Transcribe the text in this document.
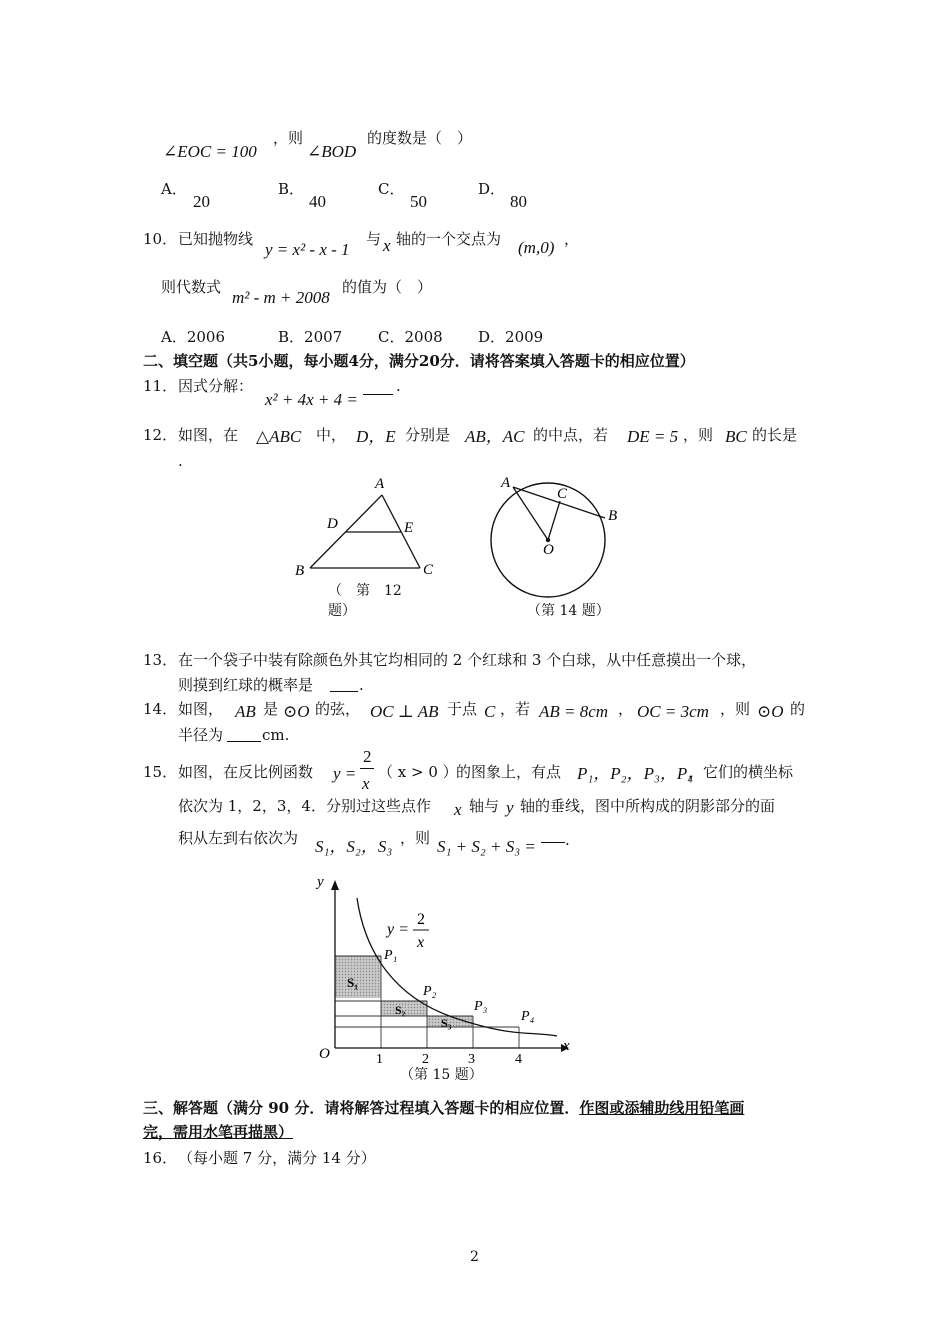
∠EOC = 100
，则
∠BOD
的度数是（　）
A．
20
B．
40
C．
50
D．
80
10． 已知抛物线
y = x² - x - 1
与 x 轴的一个交点为 (m,0) ，
则代数式
m² - m + 2008
的值为（　）
A．2006	B．2007 C．2008 D．2009
二、填空题（共5小题，每小题4分，满分20分．请将答案填入答题卡的相应位置）
11． 因式分解：
x² + 4x + 4 =
.
12． 如图，在 △ABC 中， D，E 分别是 AB，AC 的中点，若 DE = 5 ，则 BC 的长是
.
A
D	E
B	C
（　第　12
题）
A
C
B
O
（第 14 题）
13． 在一个袋子中装有除颜色外其它均相同的 2 个红球和 3 个白球，从中任意摸出一个球，
则摸到红球的概率是	.
14． 如图， AB 是 ⊙O 的弦， OC ⊥ AB 于点 C ，若 AB = 8cm ， OC = 3cm ，则 ⊙O 的
半径为	cm.
15． 如图，在反比例函数 y =
2
x
（ x > 0 ）
的图象上，有点 P₁，P₂，P₃，P₄
，它们的横坐标
依次为 1，2，3，4．分别过这些点作 x 轴与 y 轴的垂线，图中所构成的阴影部分的面
积从左到右依次为 S₁，S₂，S₃ ，则 S₁ + S₂ + S₃ = .
y
x
O
y =
2
x
P₁
P₂
P₃
P₄
S₁
S₂
S₃
1	2	3	4
（第 15 题）
三、解答题（满分 90 分．请将解答过程填入答题卡的相应位置．作图或添辅助线用铅笔画
完，需用水笔再描黑）
16． （每小题 7 分，满分 14 分）
2
